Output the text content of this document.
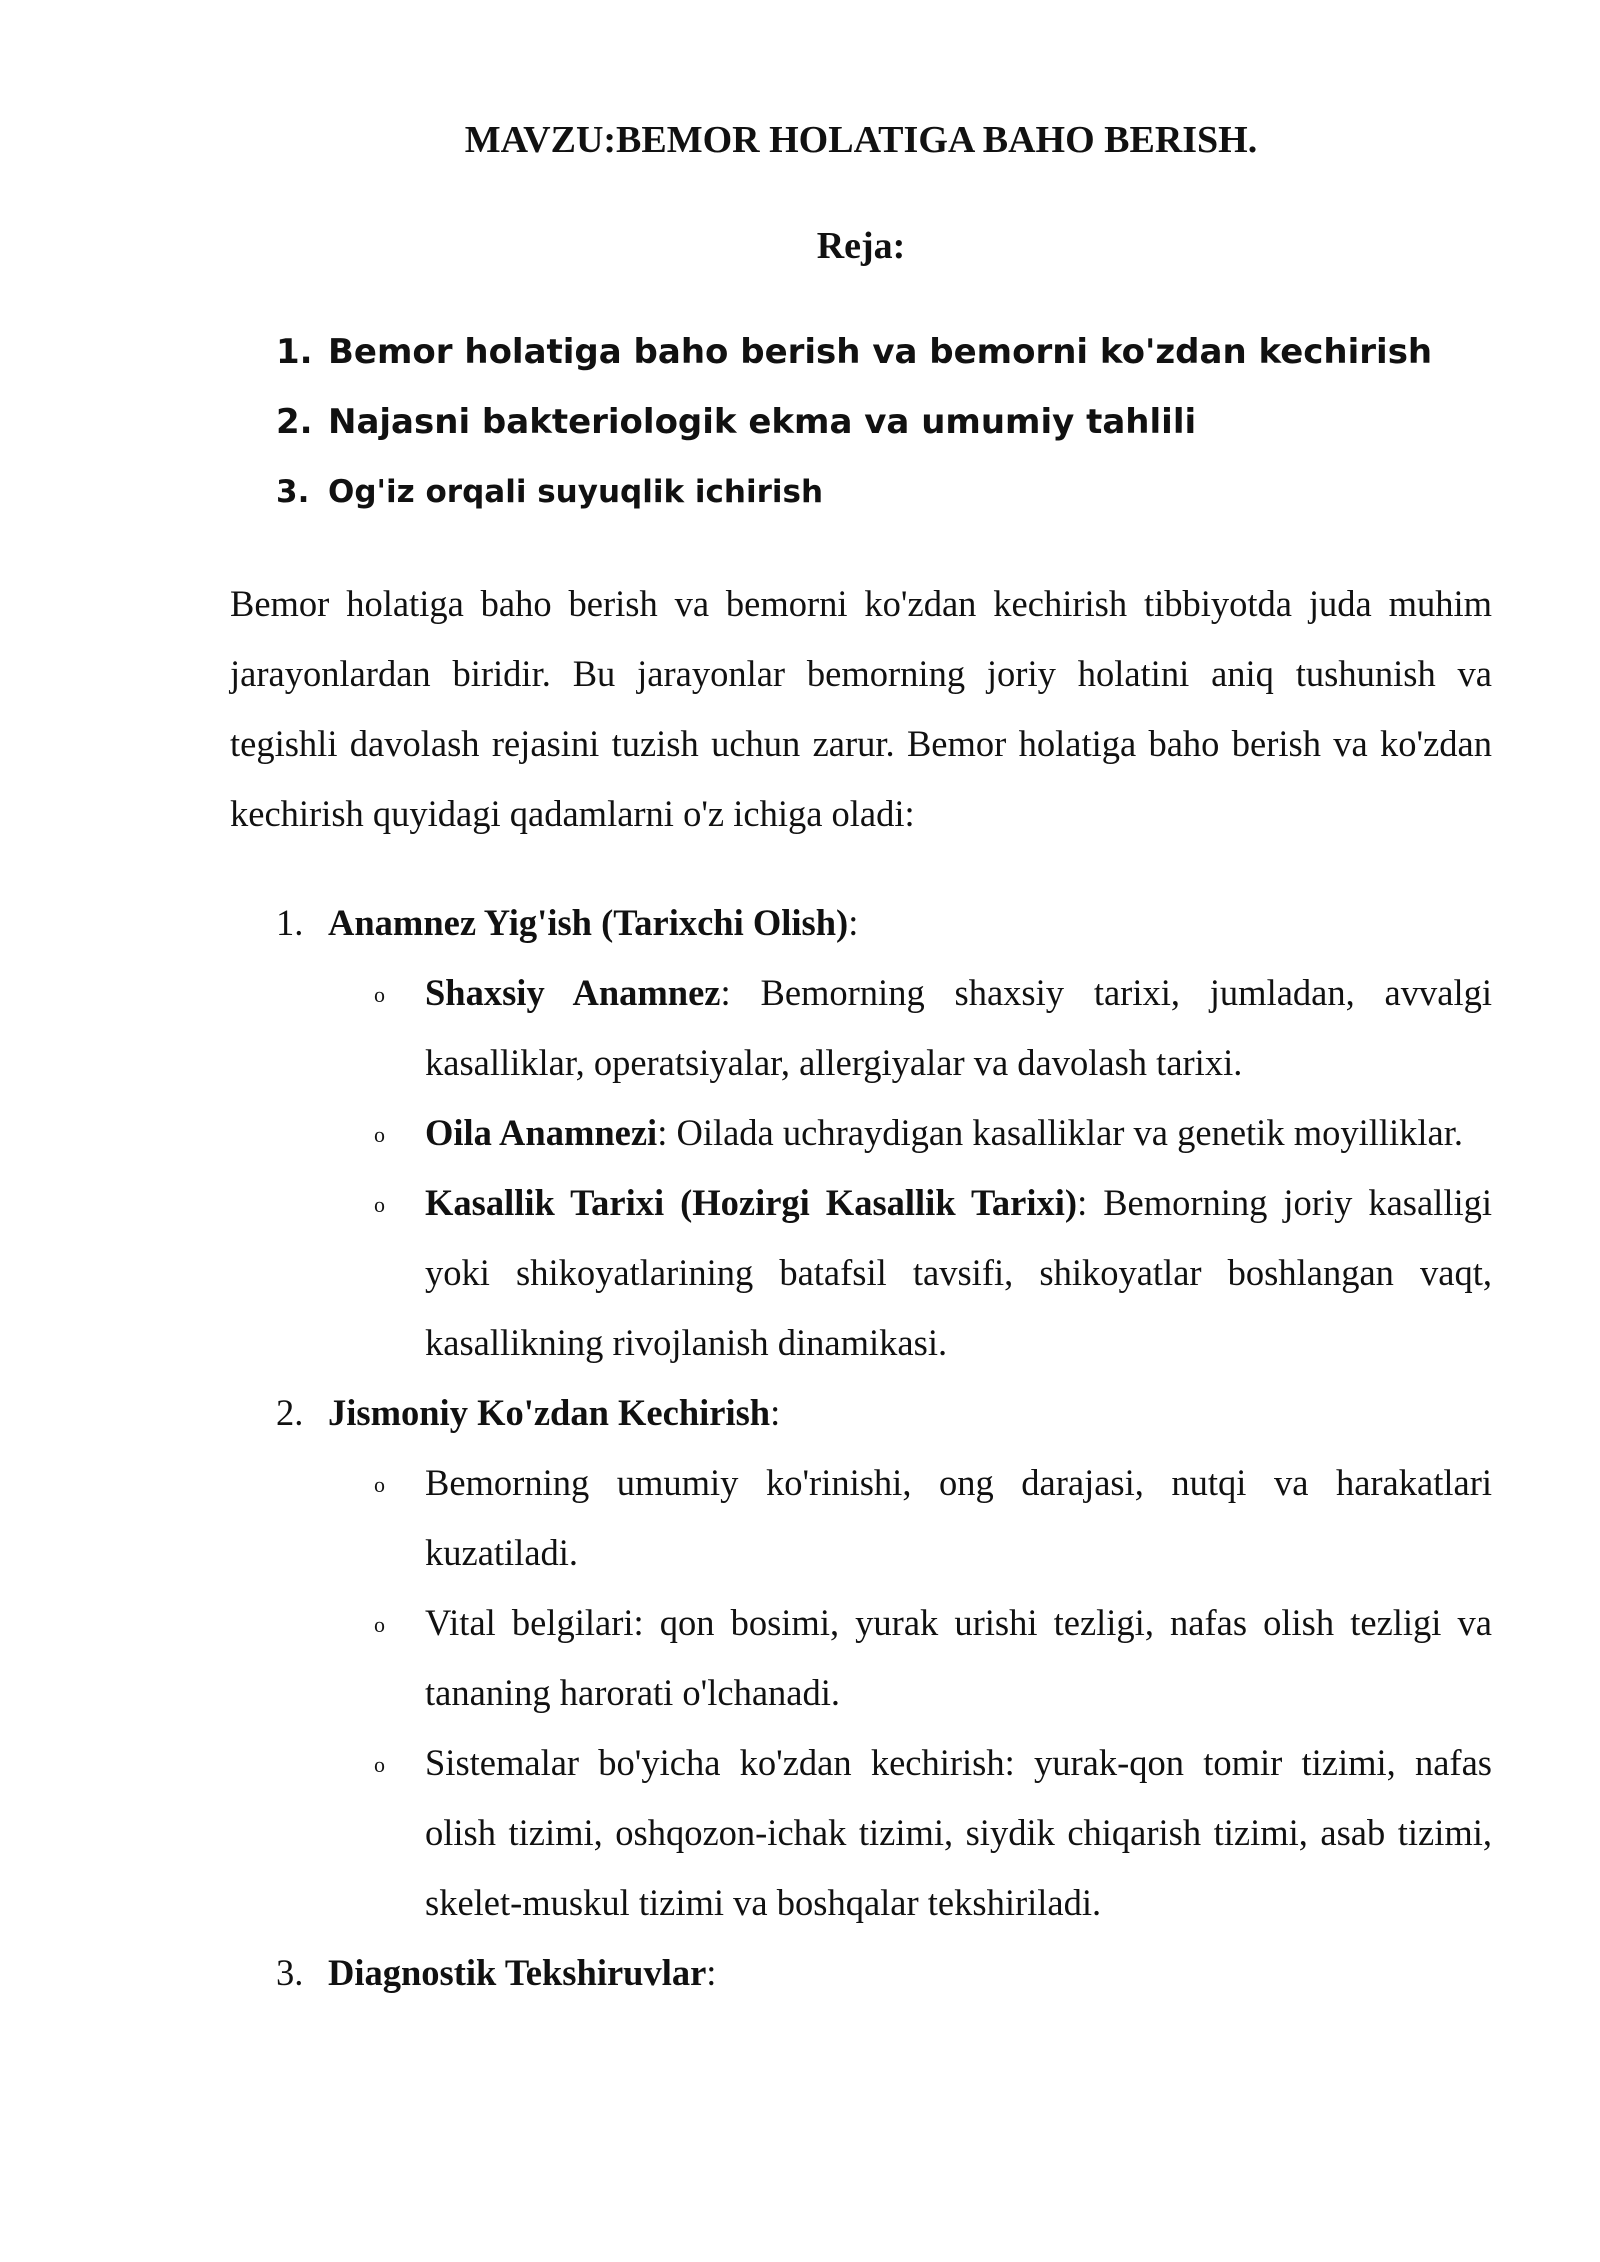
MAVZU:BEMOR HOLATIGA BAHO BERISH.
Reja:
1. Bemor holatiga baho berish va bemorni ko'zdan kechirish
2. Najasni bakteriologik ekma va umumiy tahlili
3. Og'iz orqali suyuqlik ichirish

Bemor holatiga baho berish va bemorni ko'zdan kechirish tibbiyotda juda muhim jarayonlardan biridir. Bu jarayonlar bemorning joriy holatini aniq tushunish va tegishli davolash rejasini tuzish uchun zarur. Bemor holatiga baho berish va ko'zdan kechirish quyidagi qadamlarni o'z ichiga oladi:

1. Anamnez Yig'ish (Tarixchi Olish):
o Shaxsiy Anamnez: Bemorning shaxsiy tarixi, jumladan, avvalgi kasalliklar, operatsiyalar, allergiyalar va davolash tarixi.
o Oila Anamnezi: Oilada uchraydigan kasalliklar va genetik moyilliklar.
o Kasallik Tarixi (Hozirgi Kasallik Tarixi): Bemorning joriy kasalligi yoki shikoyatlarining batafsil tavsifi, shikoyatlar boshlangan vaqt, kasallikning rivojlanish dinamikasi.
2. Jismoniy Ko'zdan Kechirish:
o Bemorning umumiy ko'rinishi, ong darajasi, nutqi va harakatlari kuzatiladi.
o Vital belgilari: qon bosimi, yurak urishi tezligi, nafas olish tezligi va tananing harorati o'lchanadi.
o Sistemalar bo'yicha ko'zdan kechirish: yurak-qon tomir tizimi, nafas olish tizimi, oshqozon-ichak tizimi, siydik chiqarish tizimi, asab tizimi, skelet-muskul tizimi va boshqalar tekshiriladi.
3. Diagnostik Tekshiruvlar:
